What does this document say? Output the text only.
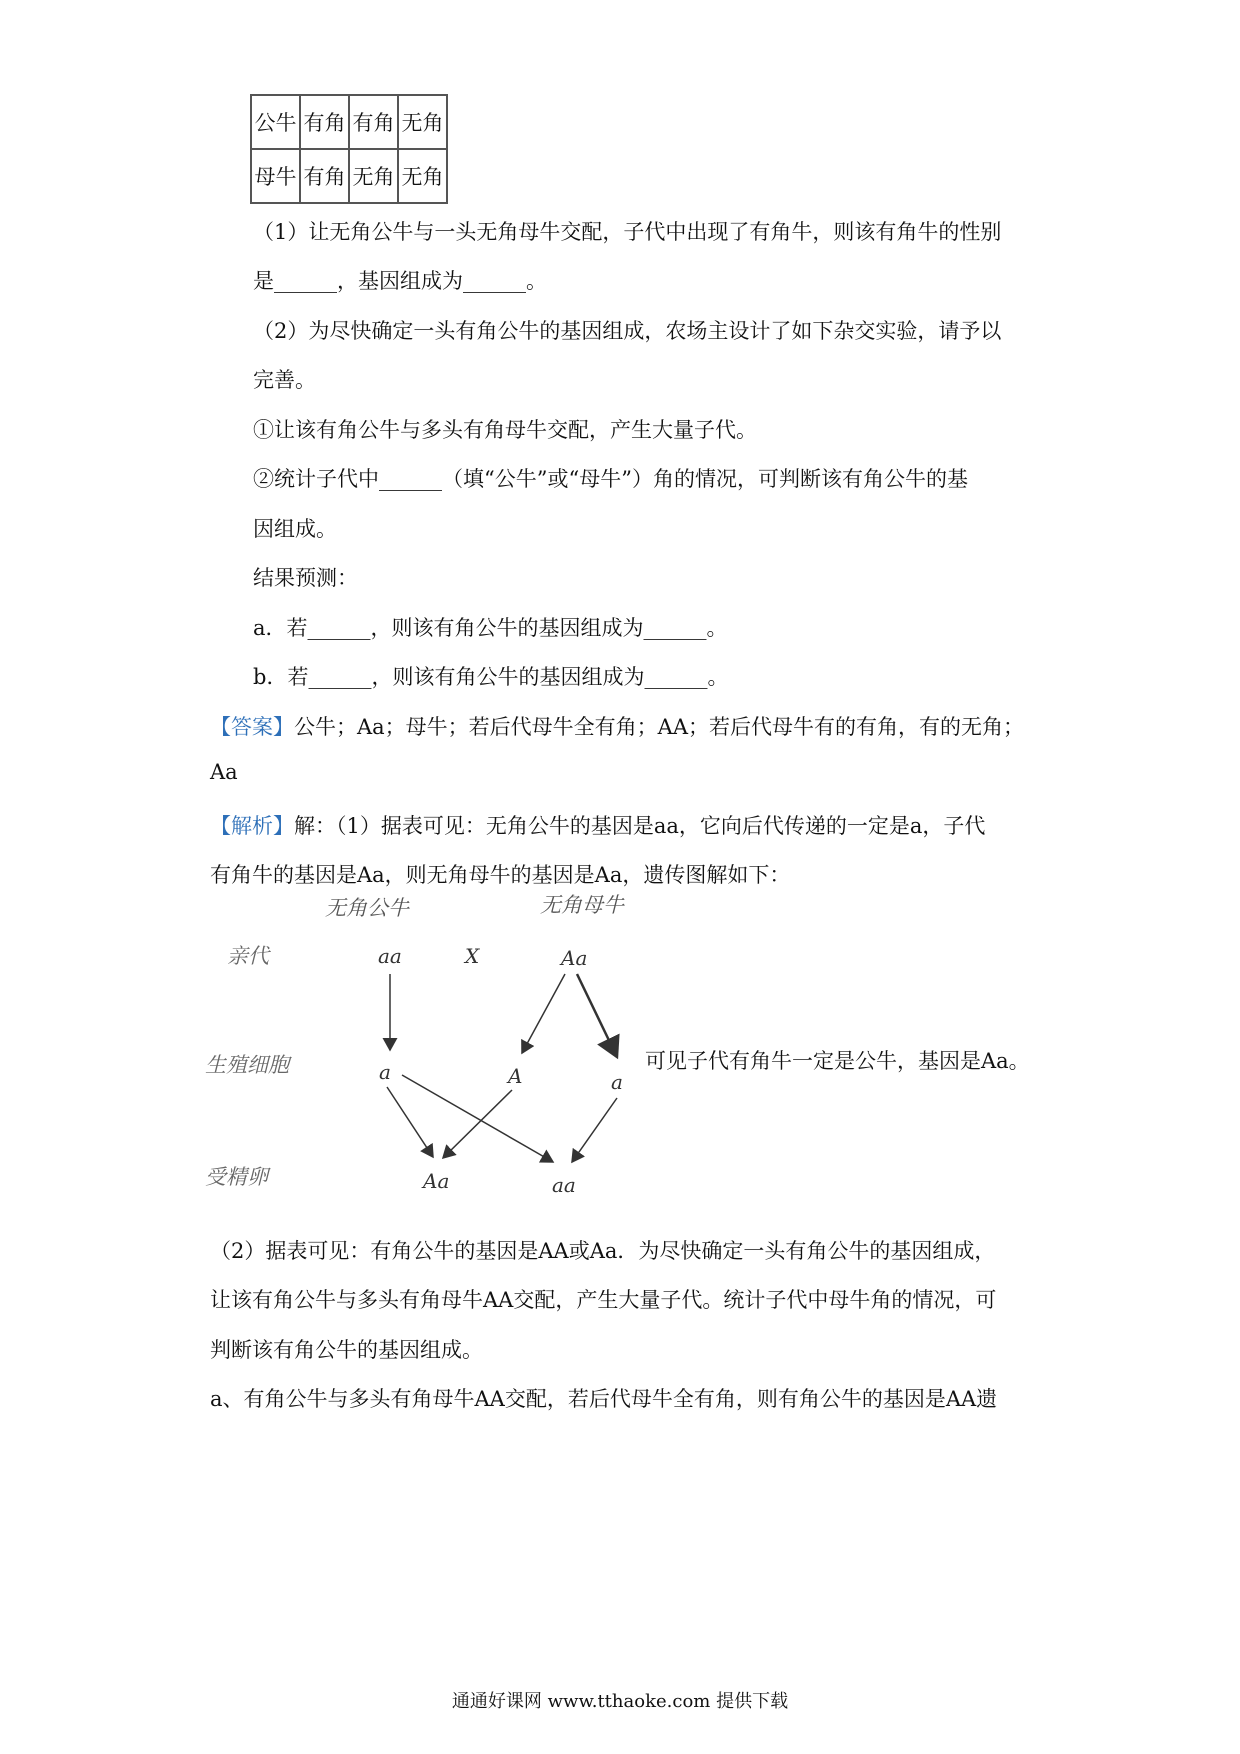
公牛	有角	有角	无角
母牛	有角	无角	无角
（1）让无角公牛与一头无角母牛交配，子代中出现了有角牛，则该有角牛的性别
是______，基因组成为______。
（2）为尽快确定一头有角公牛的基因组成，农场主设计了如下杂交实验，请予以
完善。
①让该有角公牛与多头有角母牛交配，产生大量子代。
②统计子代中______（填“公牛”或“母牛”）角的情况，可判断该有角公牛的基
因组成。
结果预测：
a．若______，则该有角公牛的基因组成为______。
b．若______，则该有角公牛的基因组成为______。
【答案】公牛；Aa；母牛；若后代母牛全有角；AA；若后代母牛有的有角，有的无角；
Aa
【解析】解：（1）据表可见：无角公牛的基因是aa，它向后代传递的一定是a，子代
有角牛的基因是Aa，则无角母牛的基因是Aa，遗传图解如下：
无角公牛	无角母牛
亲代
生殖细胞
受精卵
aa	X	Aa
a	A	a
Aa	aa
可见子代有角牛一定是公牛，基因是Aa。
（2）据表可见：有角公牛的基因是AA或Aa．为尽快确定一头有角公牛的基因组成，
让该有角公牛与多头有角母牛AA交配，产生大量子代。统计子代中母牛角的情况，可
判断该有角公牛的基因组成。
a、有角公牛与多头有角母牛AA交配，若后代母牛全有角，则有角公牛的基因是AA遗
通通好课网 www.tthaoke.com 提供下载
